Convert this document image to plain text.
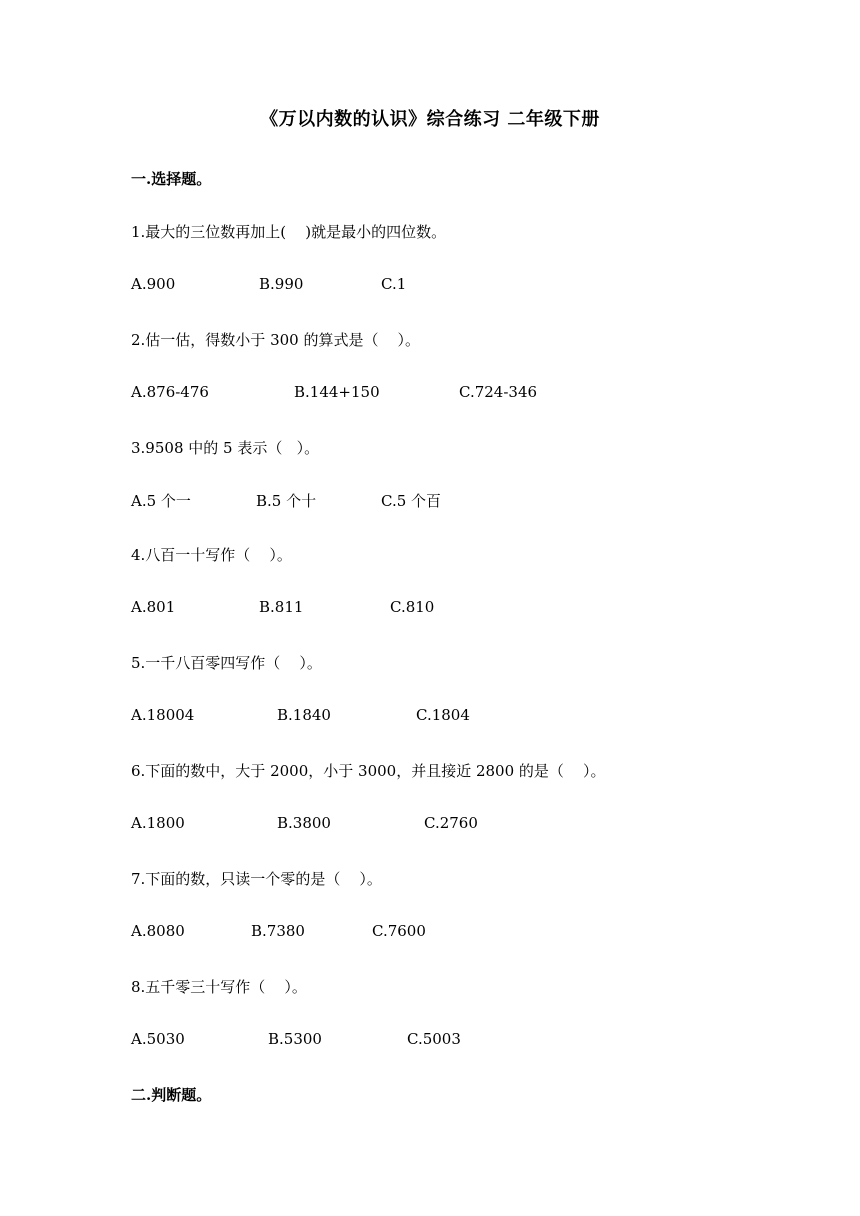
《万以内数的认识》综合练习 二年级下册
一.选择题。
1.最大的三位数再加上(    )就是最小的四位数。
A.900	B.990	C.1
2.估一估，得数小于 300 的算式是（    ）。
A.876-476	B.144+150	C.724-346
3.9508 中的 5 表示（   ）。
A.5 个一	B.5 个十	C.5 个百
4.八百一十写作（    ）。
A.801	B.811	C.810
5.一千八百零四写作（    ）。
A.18004	B.1840	C.1804
6.下面的数中，大于 2000，小于 3000，并且接近 2800 的是（    ）。
A.1800	B.3800	C.2760
7.下面的数，只读一个零的是（    ）。
A.8080	B.7380	C.7600
8.五千零三十写作（    ）。
A.5030	B.5300	C.5003
二.判断题。
